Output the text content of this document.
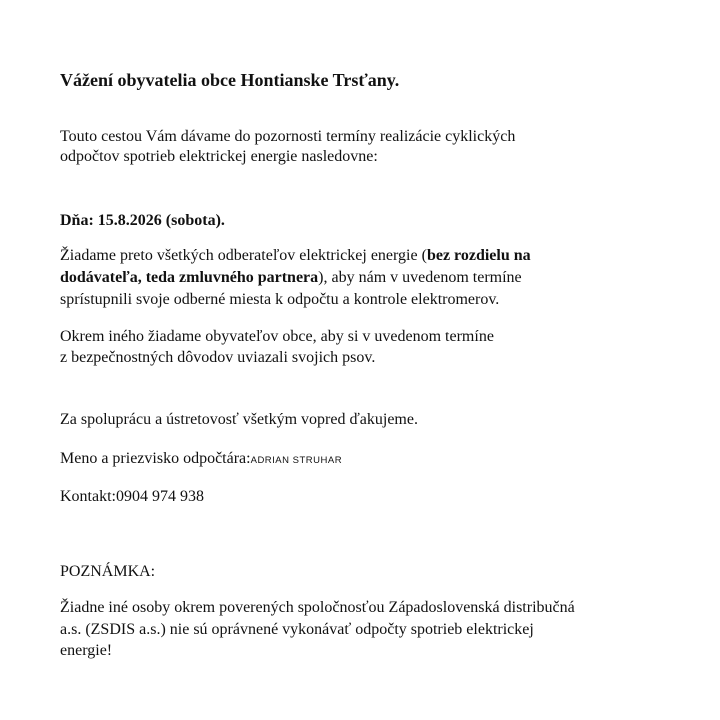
Vážení obyvatelia obce Hontianske Trsťany.

Touto cestou Vám dávame do pozornosti termíny realizácie cyklických

odpočtov spotrieb elektrickej energie nasledovne:

Dňa: 15.8.2026 (sobota).

Žiadame preto všetkých odberateľov elektrickej energie (bez rozdielu na

dodávateľa, teda zmluvného partnera), aby nám v uvedenom termíne

sprístupnili svoje odberné miesta k odpočtu a kontrole elektromerov.

Okrem iného žiadame obyvateľov obce, aby si v uvedenom termíne

z bezpečnostných dôvodov uviazali svojich psov.

Za spoluprácu a ústretovosť všetkým vopred ďakujeme.

Meno a priezvisko odpočtára:ADRIAN STRUHAR

Kontakt:0904 974 938

POZNÁMKA:

Žiadne iné osoby okrem poverených spoločnosťou Západoslovenská distribučná

a.s. (ZSDIS a.s.) nie sú oprávnené vykonávať odpočty spotrieb elektrickej

energie!
